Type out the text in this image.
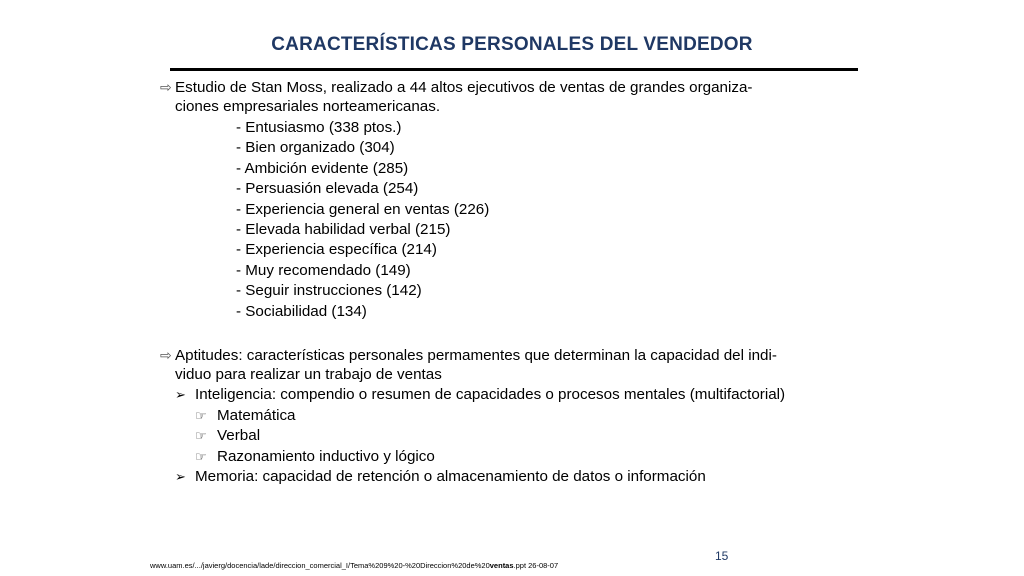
CARACTERÍSTICAS PERSONALES DEL VENDEDOR
⇨ Estudio de Stan Moss, realizado a 44 altos ejecutivos de ventas de grandes organiza-
ciones empresariales norteamericanas.
- Entusiasmo (338 ptos.)
- Bien organizado (304)
- Ambición evidente (285)
- Persuasión elevada (254)
- Experiencia general en ventas (226)
- Elevada habilidad verbal (215)
- Experiencia específica (214)
- Muy recomendado (149)
- Seguir instrucciones (142)
- Sociabilidad (134)
⇨ Aptitudes: características personales permamentes que determinan la capacidad del indi-
viduo para realizar un trabajo de ventas
➢ Inteligencia: compendio o resumen de capacidades o procesos mentales (multifactorial)
☞ Matemática
☞ Verbal
☞ Razonamiento inductivo y lógico
➢ Memoria: capacidad de retención o almacenamiento de datos o información
15
www.uam.es/.../javierg/docencia/lade/direccion_comercial_I/Tema%209%20-%20Direccion%20de%20ventas.ppt 26-08-07
